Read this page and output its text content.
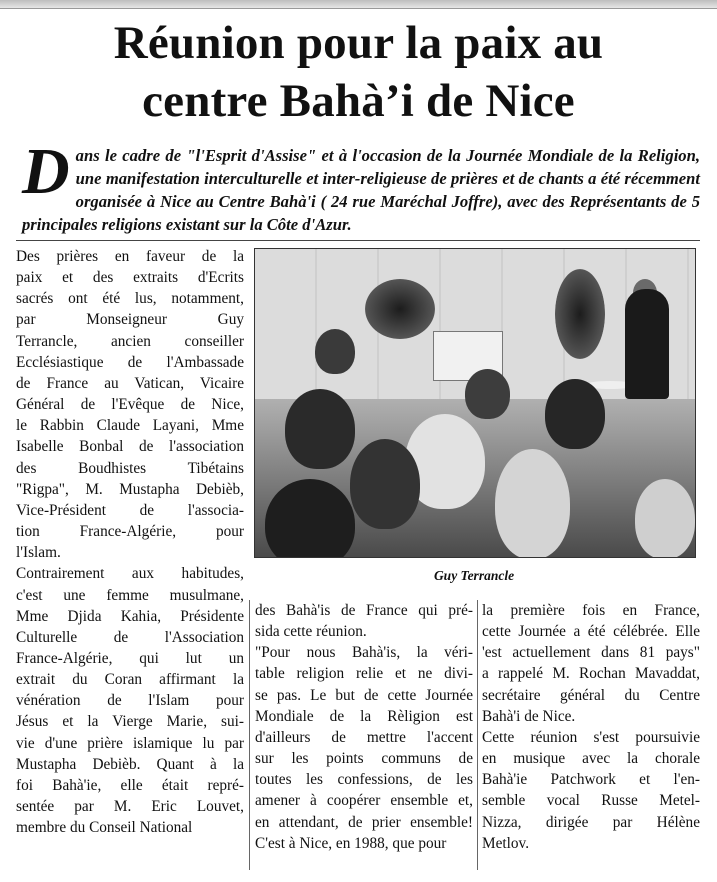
Réunion pour la paix au
centre Bahà’i de Nice
Dans le cadre de "l'Esprit d'Assise" et à l'occasion de la Journée Mondiale de la Religion, une manifestation interculturelle et inter-religieuse de prières et de chants a été récemment organisée à Nice au Centre Bahà'i ( 24 rue Maréchal Joffre), avec des Représentants de 5 principales religions existant sur la Côte d'Azur.
Des prières en faveur de la
paix et des extraits d'Ecrits
sacrés ont été lus, notamment,
par Monseigneur Guy
Terrancle, ancien conseiller
Ecclésiastique de l'Ambassade
de France au Vatican, Vicaire
Général de l'Evêque de Nice,
le Rabbin Claude Layani, Mme
Isabelle Bonbal de l'association
des Boudhistes Tibétains
"Rigpa", M. Mustapha Debièb,
Vice-Président de l'associa-
tion France-Algérie, pour
l'Islam.
Contrairement aux habitudes,
c'est une femme musulmane,
Mme Djida Kahia, Présidente
Culturelle de l'Association
France-Algérie, qui lut un
extrait du Coran affirmant la
vénération de l'Islam pour
Jésus et la Vierge Marie, sui-
vie d'une prière islamique lu par
Mustapha Debièb. Quant à la
foi Bahà'ie, elle était repré-
sentée par M. Eric Louvet,
membre du Conseil National
Guy Terrancle
des Bahà'is de France qui pré-
sida cette réunion.
"Pour nous Bahà'is, la véri-
table religion relie et ne divi-
se pas. Le but de cette Journée
Mondiale de la Rèligion est
d'ailleurs de mettre l'accent
sur les points communs de
toutes les confessions, de les
amener à coopérer ensemble et,
en attendant, de prier ensemble!
C'est à Nice, en 1988, que pour
la première fois en France,
cette Journée a été célébrée. Elle
'est actuellement dans 81 pays"
a rappelé M. Rochan Mavaddat,
secrétaire général du Centre
Bahà'i de Nice.
Cette réunion s'est poursuivie
en musique avec la chorale
Bahà'ie Patchwork et l'en-
semble vocal Russe Metel-
Nizza, dirigée par Hélène
Metlov.
